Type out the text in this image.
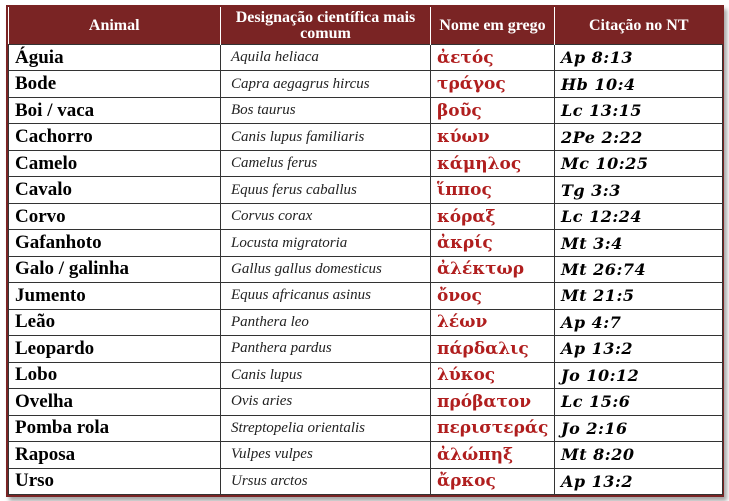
Animal	Designação científica mais comum	Nome em grego	Citação no NT
Águia	Aquila heliaca	ἀετός	Ap 8:13
Bode	Capra aegagrus hircus	τράγος	Hb 10:4
Boi / vaca	Bos taurus	βοῦς	Lc 13:15
Cachorro	Canis lupus familiaris	κύων	2Pe 2:22
Camelo	Camelus ferus	κάμηλος	Mc 10:25
Cavalo	Equus ferus caballus	ἵππος	Tg 3:3
Corvo	Corvus corax	κόραξ	Lc 12:24
Gafanhoto	Locusta migratoria	ἀκρίς	Mt 3:4
Galo / galinha	Gallus gallus domesticus	ἀλέκτωρ	Mt 26:74
Jumento	Equus africanus asinus	ὄνος	Mt 21:5
Leão	Panthera leo	λέων	Ap 4:7
Leopardo	Panthera pardus	πάρδαλις	Ap 13:2
Lobo	Canis lupus	λύκος	Jo 10:12
Ovelha	Ovis aries	πρόβατον	Lc 15:6
Pomba rola	Streptopelia orientalis	περιστεράς	Jo 2:16
Raposa	Vulpes vulpes	ἀλώπηξ	Mt 8:20
Urso	Ursus arctos	ἄρκος	Ap 13:2
